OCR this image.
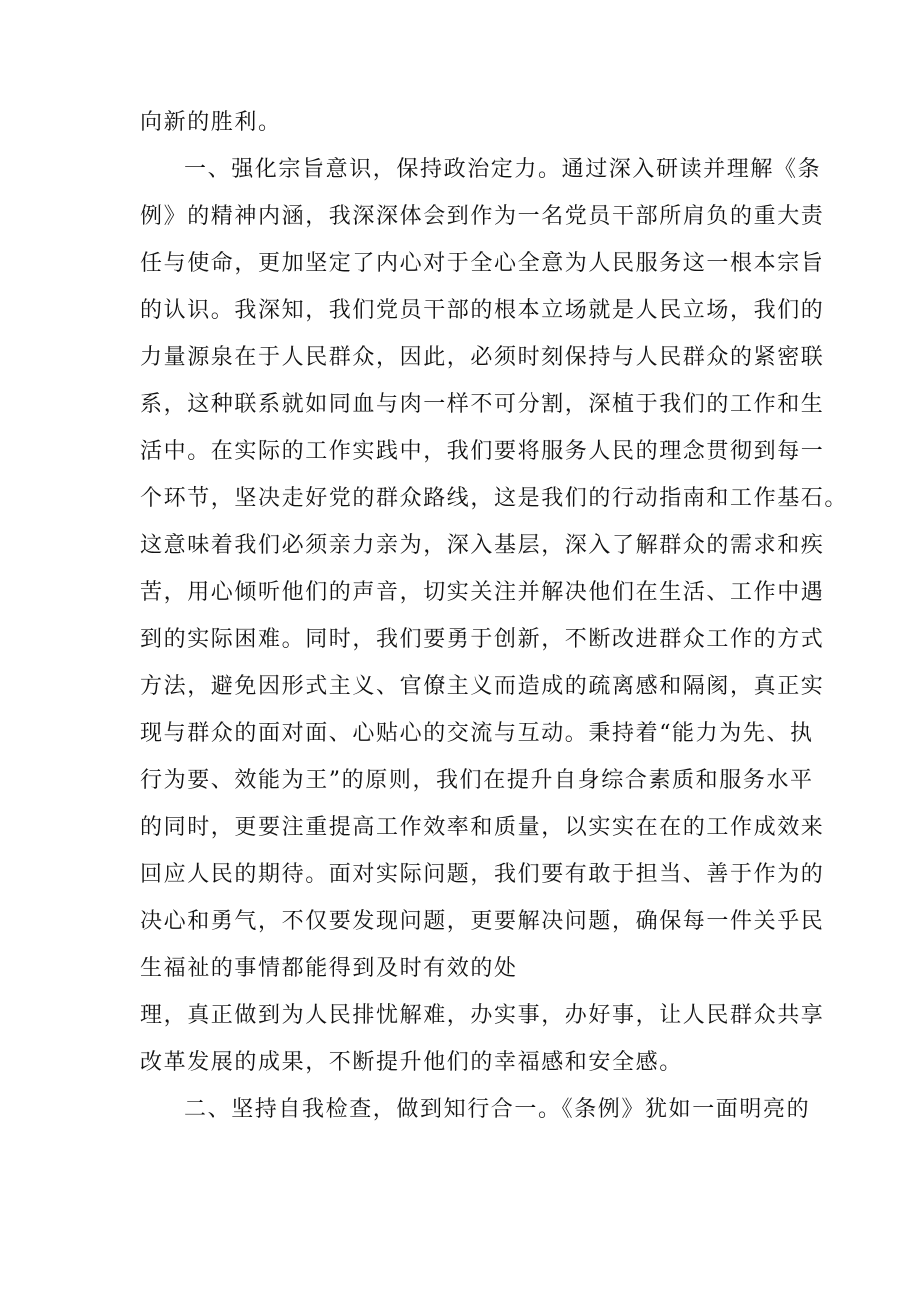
向新的胜利。
一、强化宗旨意识，保持政治定力。通过深入研读并理解《条
例》的精神内涵，我深深体会到作为一名党员干部所肩负的重大责
任与使命，更加坚定了内心对于全心全意为人民服务这一根本宗旨
的认识。我深知，我们党员干部的根本立场就是人民立场，我们的
力量源泉在于人民群众，因此，必须时刻保持与人民群众的紧密联
系，这种联系就如同血与肉一样不可分割，深植于我们的工作和生
活中。在实际的工作实践中，我们要将服务人民的理念贯彻到每一
个环节，坚决走好党的群众路线，这是我们的行动指南和工作基石。
这意味着我们必须亲力亲为，深入基层，深入了解群众的需求和疾
苦，用心倾听他们的声音，切实关注并解决他们在生活、工作中遇
到的实际困难。同时，我们要勇于创新，不断改进群众工作的方式
方法，避免因形式主义、官僚主义而造成的疏离感和隔阂，真正实
现与群众的面对面、心贴心的交流与互动。秉持着“能力为先、执
行为要、效能为王”的原则，我们在提升自身综合素质和服务水平
的同时，更要注重提高工作效率和质量，以实实在在的工作成效来
回应人民的期待。面对实际问题，我们要有敢于担当、善于作为的
决心和勇气，不仅要发现问题，更要解决问题，确保每一件关乎民
生福祉的事情都能得到及时有效的处
理，真正做到为人民排忧解难，办实事，办好事，让人民群众共享
改革发展的成果，不断提升他们的幸福感和安全感。
二、坚持自我检查，做到知行合一。《条例》犹如一面明亮的
